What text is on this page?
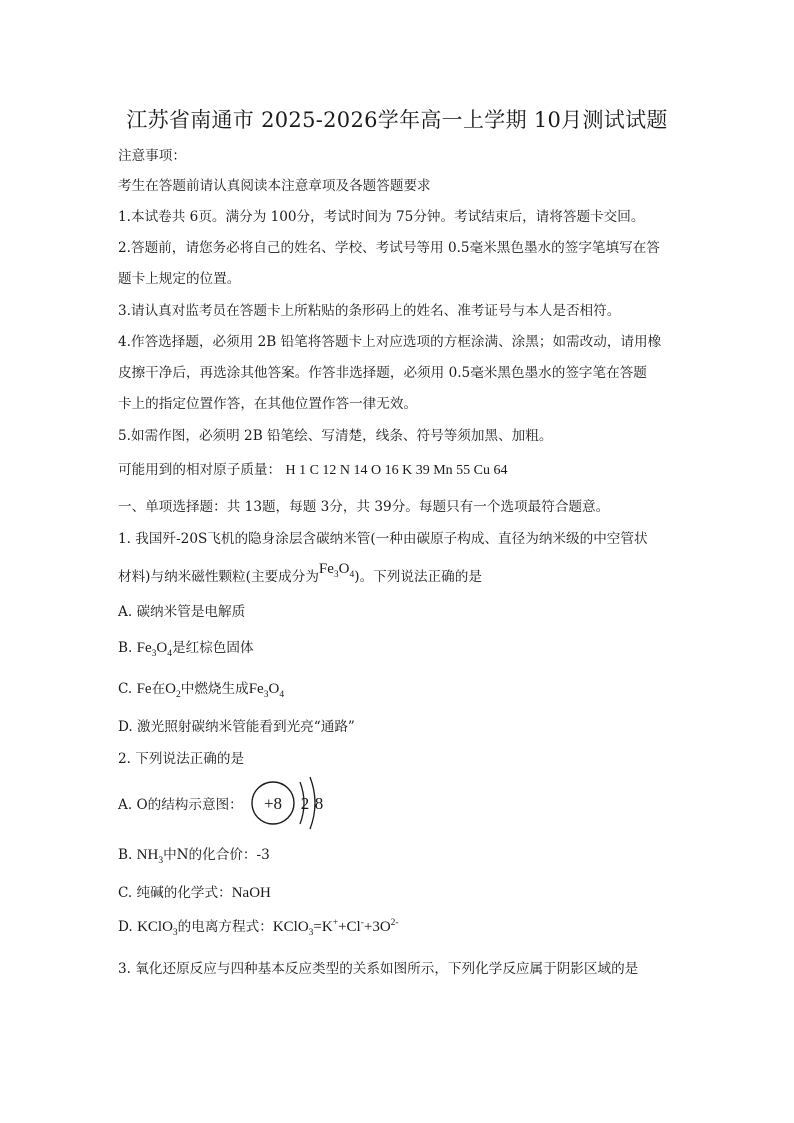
江苏省南通市 2025-2026学年高一上学期 10月测试试题
注意事项：
考生在答题前请认真阅读本注意章项及各题答题要求
1.本试卷共 6页。满分为 100分，考试时间为 75分钟。考试结束后，请将答题卡交回。
2.答题前，请您务必将自己的姓名、学校、考试号等用 0.5毫米黑色墨水的签字笔填写在答
题卡上规定的位置。
3.请认真对监考员在答题卡上所粘贴的条形码上的姓名、准考证号与本人是否相符。
4.作答选择题，必须用 2B 铅笔将答题卡上对应选项的方框涂满、涂黑；如需改动，请用橡
皮擦干净后，再选涂其他答案。作答非选择题，必须用 0.5毫米黑色墨水的签字笔在答题
卡上的指定位置作答，在其他位置作答一律无效。
5.如需作图，必须明 2B 铅笔绘、写清楚，线条、符号等须加黑、加粗。
可能用到的相对原子质量： H 1 C 12 N 14 O 16 K 39 Mn 55 Cu 64
一、单项选择题：共 13题，每题 3分，共 39分。每题只有一个选项最符合题意。
1. 我国歼-20S飞机的隐身涂层含碳纳米管(一种由碳原子构成、直径为纳米级的中空管状
材料)与纳米磁性颗粒(主要成分为$Fe_3O_4$)。下列说法正确的是
A. 碳纳米管是电解质
B. $Fe_3O_4$是红棕色固体
C. Fe在$O_2$中燃烧生成$Fe_3O_4$
D. 激光照射碳纳米管能看到光亮“通路”
2. 下列说法正确的是
A. O的结构示意图： +8 2 8
B. $NH_3$中N的化合价：-3
C. 纯碱的化学式：NaOH
D. KClO$_3$的电离方程式：$KClO_3=K^++Cl^-+3O^{2-}$
3. 氧化还原反应与四种基本反应类型的关系如图所示，下列化学反应属于阴影区域的是
